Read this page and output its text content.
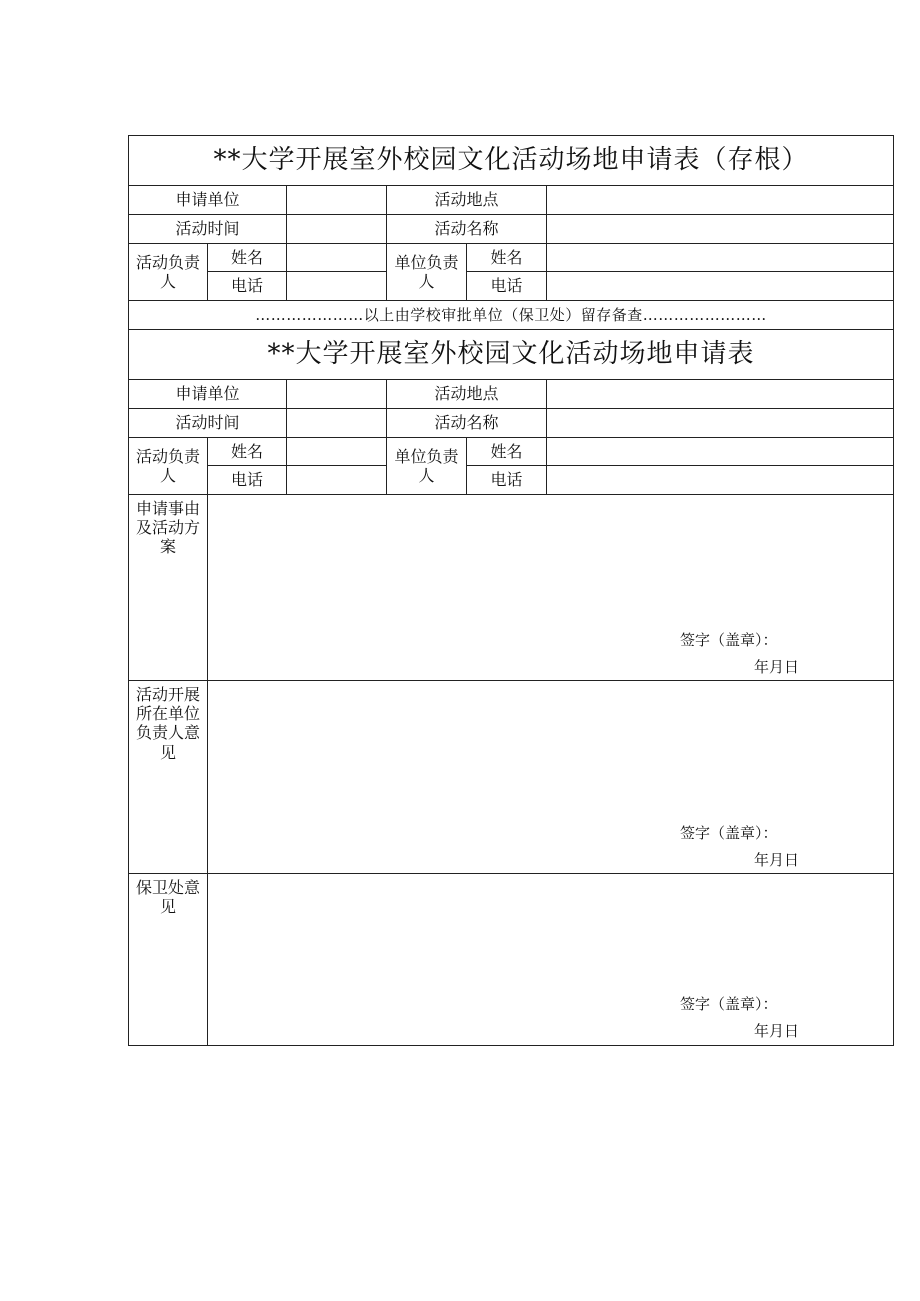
**大学开展室外校园文化活动场地申请表（存根）					
申请单位			活动地点		
活动时间			活动名称		
活动负责人	姓名		单位负责人	姓名	
	电话			电话	
…………………以上由学校审批单位（保卫处）留存备查……………………					
**大学开展室外校园文化活动场地申请表					
申请单位			活动地点		
活动时间			活动名称		
活动负责人	姓名		单位负责人	姓名	
	电话			电话	
申请事由及活动方案	签字（盖章）：
年月日				

活动开展所在单位负责人意见	签字（盖章）：
年月日				

保卫处意见	签字（盖章）：
年月日				
